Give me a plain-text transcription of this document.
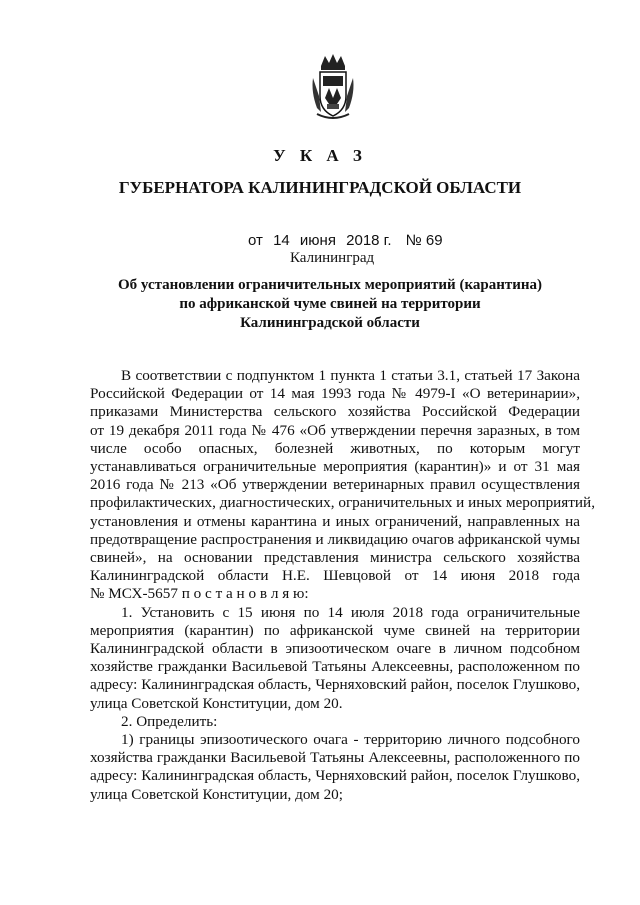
У К А З
ГУБЕРНАТОРА КАЛИНИНГРАДСКОЙ ОБЛАСТИ
от 14 июня 2018 г. № 69
Калининград
Об установлении ограничительных мероприятий (карантина)
по африканской чуме свиней на территории
Калининградской области
В соответствии с подпунктом 1 пункта 1 статьи 3.1, статьей 17 Закона
Российской Федерации от 14 мая 1993 года № 4979-I «О ветеринарии»,
приказами Министерства сельского хозяйства Российской Федерации
от 19 декабря 2011 года № 476 «Об утверждении перечня заразных, в том
числе особо опасных, болезней животных, по которым могут
устанавливаться ограничительные мероприятия (карантин)» и от 31 мая
2016 года № 213 «Об утверждении ветеринарных правил осуществления
профилактических, диагностических, ограничительных и иных мероприятий,
установления и отмены карантина и иных ограничений, направленных на
предотвращение распространения и ликвидацию очагов африканской чумы
свиней», на основании представления министра сельского хозяйства
Калининградской области Н.Е. Шевцовой от 14 июня 2018 года
№ МСХ-5657 п о с т а н о в л я ю:
1. Установить с 15 июня по 14 июля 2018 года ограничительные
мероприятия (карантин) по африканской чуме свиней на территории
Калининградской области в эпизоотическом очаге в личном подсобном
хозяйстве гражданки Васильевой Татьяны Алексеевны, расположенном по
адресу: Калининградская область, Черняховский район, поселок Глушково,
улица Советской Конституции, дом 20.
2. Определить:
1) границы эпизоотического очага - территорию личного подсобного
хозяйства гражданки Васильевой Татьяны Алексеевны, расположенного по
адресу: Калининградская область, Черняховский район, поселок Глушково,
улица Советской Конституции, дом 20;
